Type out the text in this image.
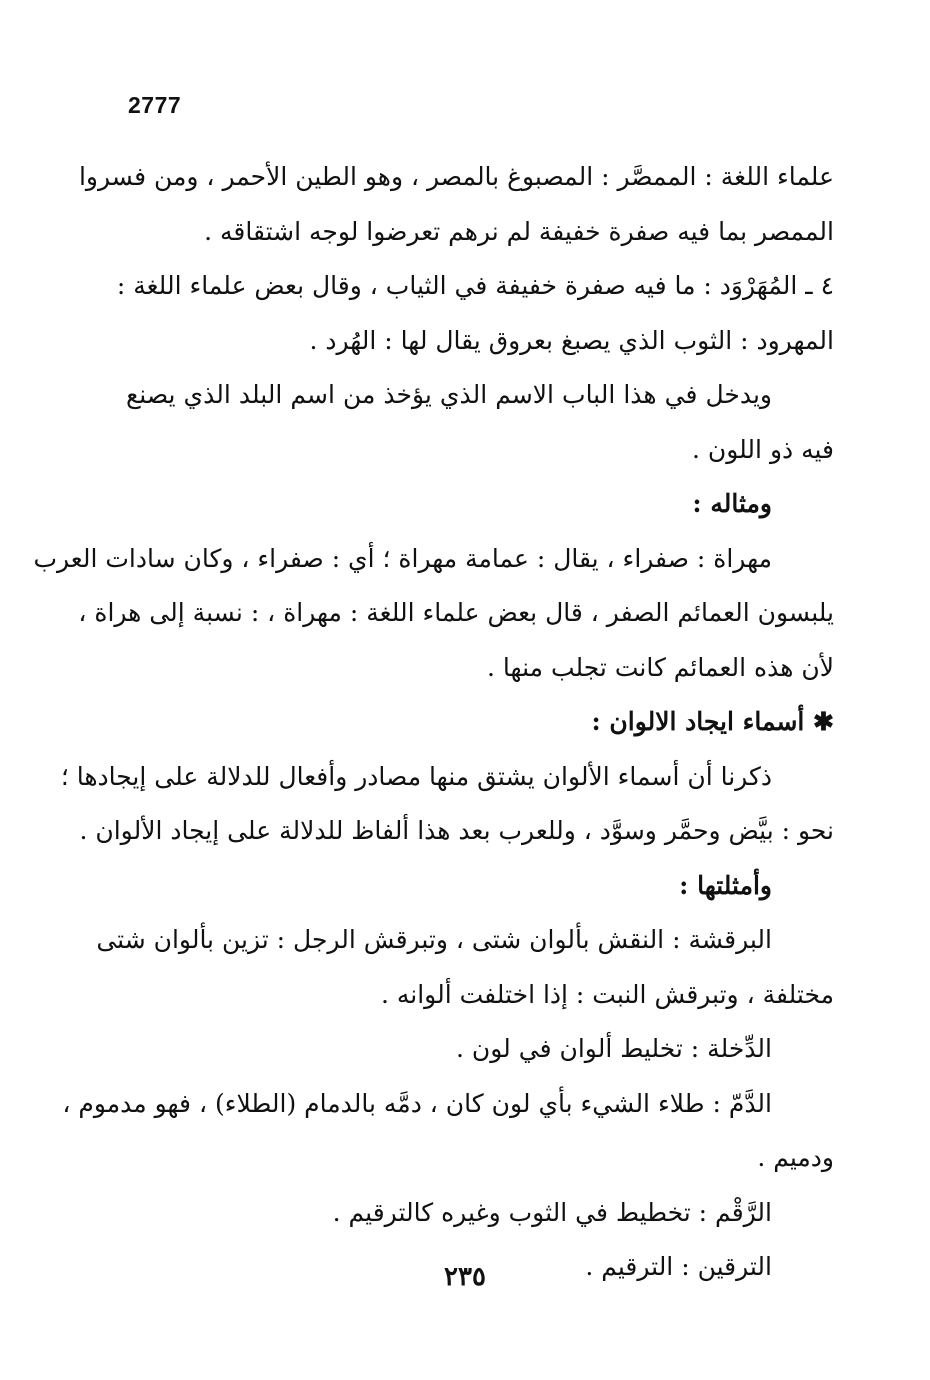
2777
علماء اللغة : الممصَّر : المصبوغ بالمصر ، وهو الطين الأحمر ، ومن فسروا
الممصر بما فيه صفرة خفيفة لم نرهم تعرضوا لوجه اشتقاقه .
٤ ـ المُهَرْوَد : ما فيه صفرة خفيفة في الثياب ، وقال بعض علماء اللغة :
المهرود : الثوب الذي يصبغ بعروق يقال لها : الهُرد .
ويدخل في هذا الباب الاسم الذي يؤخذ من اسم البلد الذي يصنع
فيه ذو اللون .
ومثاله :
مهراة : صفراء ، يقال : عمامة مهراة ؛ أي : صفراء ، وكان سادات العرب
يلبسون العمائم الصفر ، قال بعض علماء اللغة : مهراة ، : نسبة إلى هراة ،
لأن هذه العمائم كانت تجلب منها .
✱ أسماء ايجاد الالوان :
ذكرنا أن أسماء الألوان يشتق منها مصادر وأفعال للدلالة على إيجادها ؛
نحو : بيَّض وحمَّر وسوَّد ، وللعرب بعد هذا ألفاظ للدلالة على إيجاد الألوان .
وأمثلتها :
البرقشة : النقش بألوان شتى ، وتبرقش الرجل : تزين بألوان شتى
مختلفة ، وتبرقش النبت : إذا اختلفت ألوانه .
الدِّخلة : تخليط ألوان في لون .
الدَّمّ : طلاء الشيء بأي لون كان ، دمَّه بالدمام (الطلاء) ، فهو مدموم ،
ودميم .
الرَّقْم : تخطيط في الثوب وغيره كالترقيم .
الترقين : الترقيم .
٢٣٥
